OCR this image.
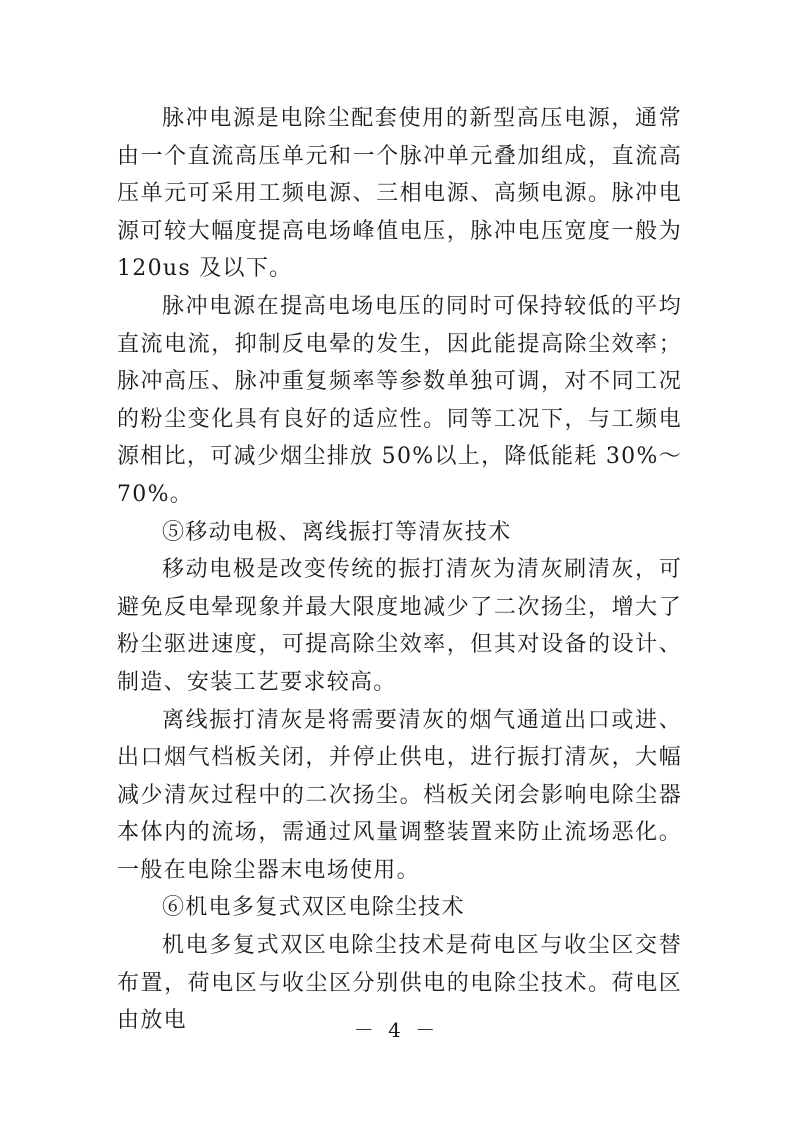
脉冲电源是电除尘配套使用的新型高压电源，通常由一个直流高压单元和一个脉冲单元叠加组成，直流高压单元可采用工频电源、三相电源、高频电源。脉冲电源可较大幅度提高电场峰值电压，脉冲电压宽度一般为 120us 及以下。

脉冲电源在提高电场电压的同时可保持较低的平均直流电流，抑制反电晕的发生，因此能提高除尘效率；脉冲高压、脉冲重复频率等参数单独可调，对不同工况的粉尘变化具有良好的适应性。同等工况下，与工频电源相比，可减少烟尘排放 50%以上，降低能耗 30%～70%。

⑤移动电极、离线振打等清灰技术

移动电极是改变传统的振打清灰为清灰刷清灰，可避免反电晕现象并最大限度地减少了二次扬尘，增大了粉尘驱进速度，可提高除尘效率，但其对设备的设计、制造、安装工艺要求较高。

离线振打清灰是将需要清灰的烟气通道出口或进、出口烟气档板关闭，并停止供电，进行振打清灰，大幅减少清灰过程中的二次扬尘。档板关闭会影响电除尘器本体内的流场，需通过风量调整装置来防止流场恶化。一般在电除尘器末电场使用。

⑥机电多复式双区电除尘技术

机电多复式双区电除尘技术是荷电区与收尘区交替布置，荷电区与收尘区分别供电的电除尘技术。荷电区由放电	－ 4 －
